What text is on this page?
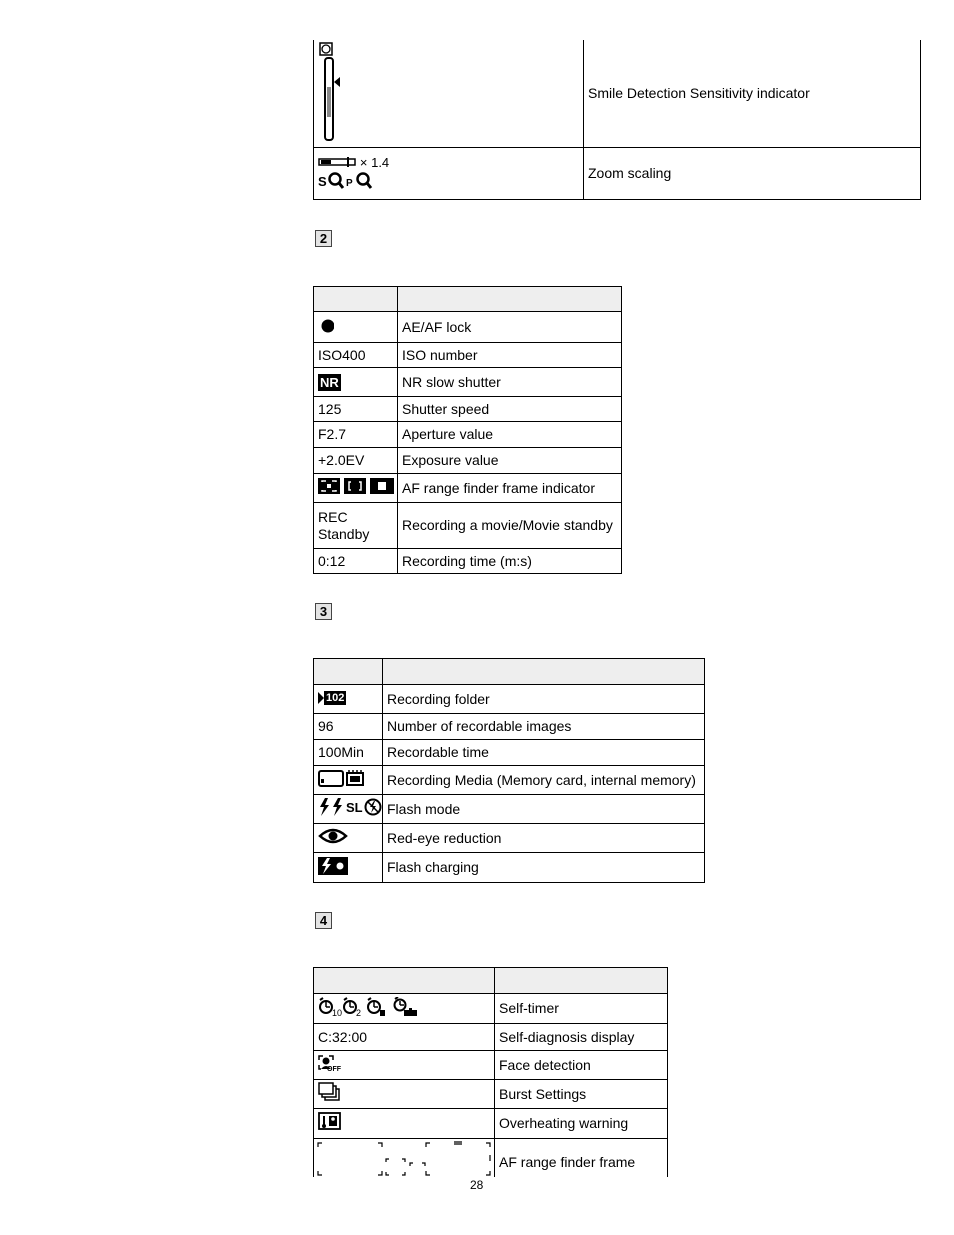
	Smile Detection Sensitivity indicator

× 1.4
S P	Zoom scaling
2

	AE/AF lock
ISO400	ISO number
NR	NR slow shutter
125	Shutter speed
F2.7	Aperture value
+2.0EV	Exposure value
	AF range finder frame indicator
REC Standby	Recording a movie/Movie standby
0:12	Recording time (m:s)
3

102	Recording folder
96	Number of recordable images
100Min	Recordable time
	Recording Media (Memory card, internal memory)

SL	Flash mode
	Red-eye reduction
	Flash charging
4

10 2	Self-timer
C:32:00	Self-diagnosis display

OFF	Face detection
	Burst Settings
	Overheating warning
	AF range finder frame
28
